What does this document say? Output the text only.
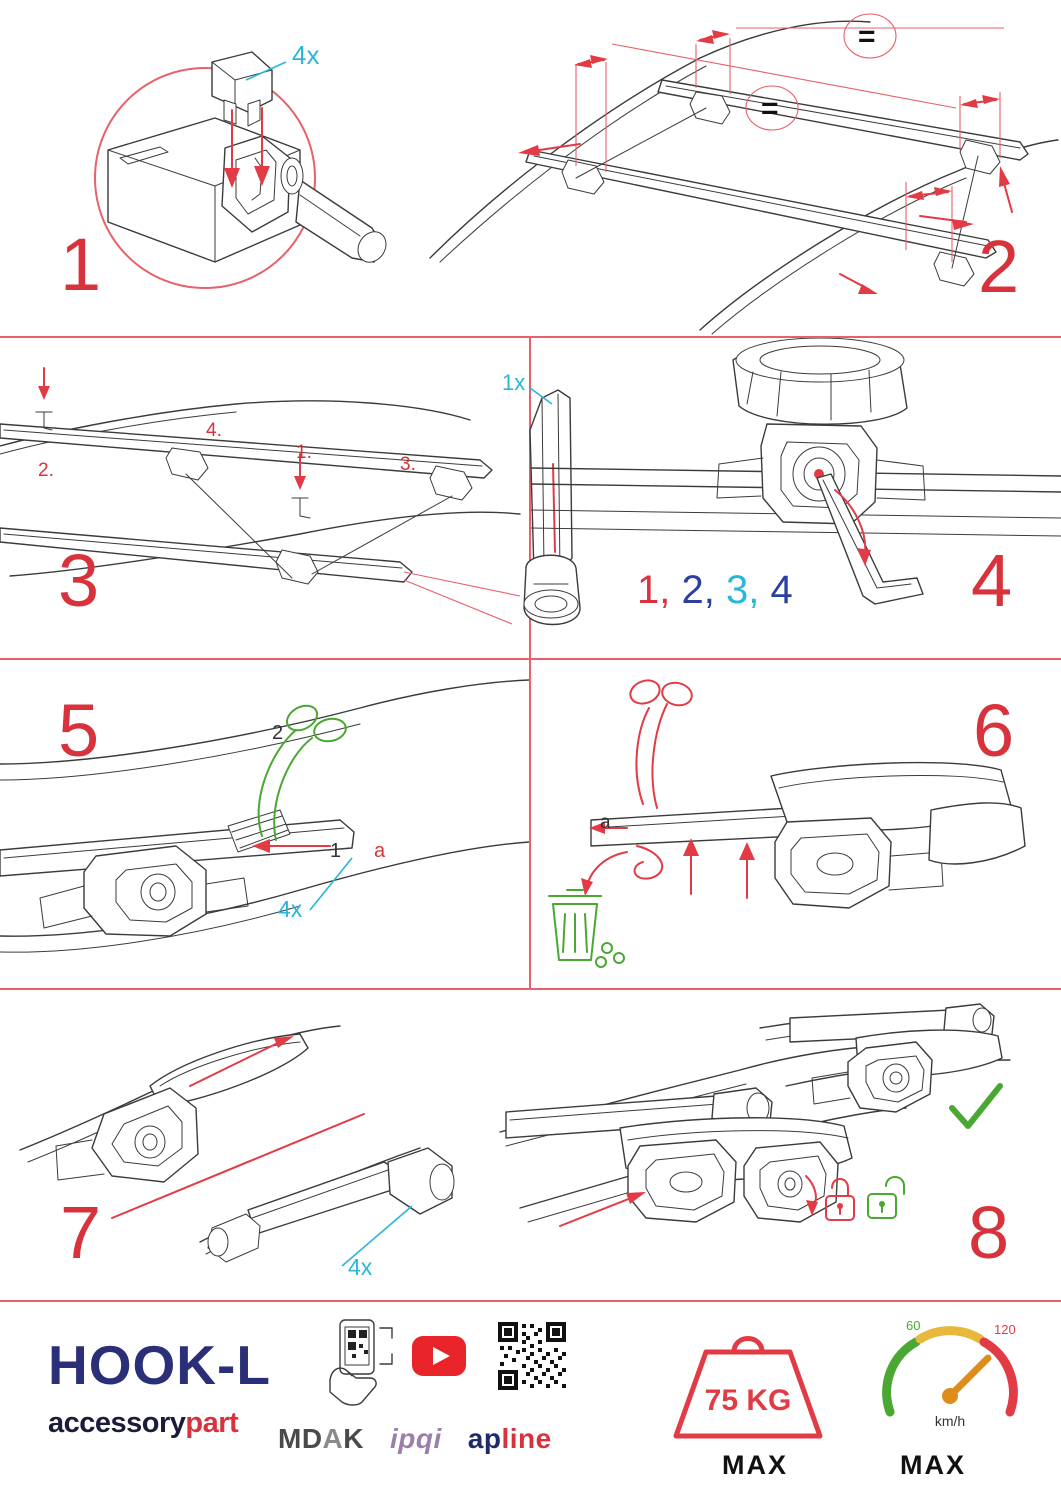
1
4x
2
=
=
3
1.
2.	3.
4.
1x
4
1, 2, 3, 4
5	2
1 a
4x
6
a
7	8
4x
HOOK-L
accessorypart	MDAK ipqi apline
75 KG
MAX
60	120
km/h
MAX
